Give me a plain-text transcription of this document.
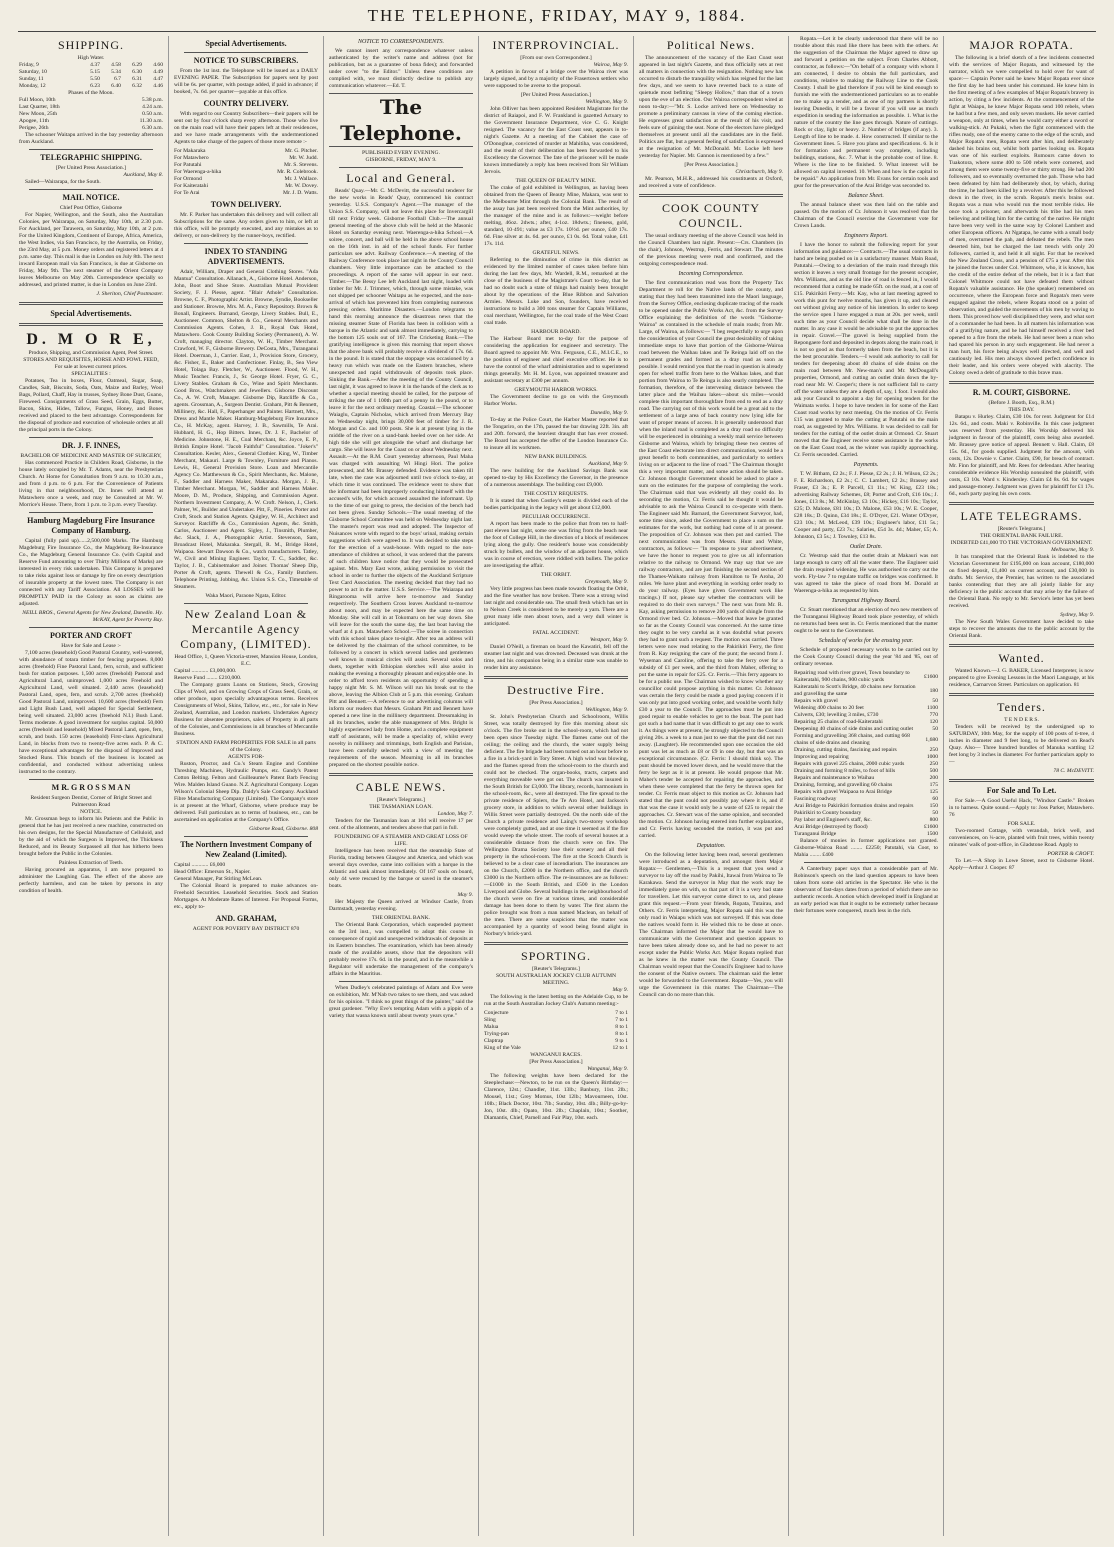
THE TELEPHONE, FRIDAY, MAY 9, 1884.
SHIPPING.
High Water.
Friday, 9	4.37	4.58	6.29	4.60
Saturday, 10	5.15	5.34	6.30	4.49
Sunday, 11	5.50	6.7	6.31	4.47
Monday, 12	6.23	6.40	6.32	4.46
Phases of the Moon.
Full Moon, 10th	5.38 p.m.
Last Quarter, 18th	4.24 a.m.
New Moon, 25th	0.50 a.m.
Apogee, 11th	11.30 a.m.
Perigee, 26th	6.30 a.m.

The schooner Waitapu arrived in the bay yesterday afternoon from Auckland.

TELEGRAPHIC SHIPPING.
[Per United Press Association.]
Auckland, May 8.

Sailed—Wairarapa, for the South.

MAIL NOTICE.
Chief Post Office, Gisborne

For Napier, Wellington, and the South, also the Australian Colonies, per Wairarapa, on Saturday, May 10th, at 2.30 p.m. For Auckland, per Tarawera, on Saturday, May 10th, at 2 p.m. For the United Kingdom, Continent of Europe, Africa, America, the West Indies, via San Francisco, by the Australia, on Friday, the 23rd May, at 5 p.m. Money orders and registered letters at 4 p.m. same day. This mail is due in London on July 8th. The next inward European mail via San Francisco, is due at Gisborne on Friday, May 9th. The next steamer of the Orient Company leaves Melbourne on May 20th. Correspondence specially so addressed, and printed matter, is due in London on June 23rd.

J. Sheriton, Chief Postmaster.
Special Advertisements.
D. M O R E,
Produce, Shipping, and Commission Agent, Peel Street.
STORES AND REQUISITES, HORSE AND FOWL FEED,
For sale at lowest current prices.
SPECIALITIES :

Potatoes, Tea in boxes, Flour, Oatmeal, Sugar, Soap, Candles, Salt, Biscuits, Soda, Oats, Maize and Barley, Wool Bags, Pollard, Chaff, Hay in trusses, Sydney Bone Dust, Guano, Fireweed. Consignments of Grass Seed, Grain, Eggs, Butter, Bacon, Skins, Hides, Tallow, Fungus, Honey, and Bones received and placed to the best advantage. Correspondents for the disposal of produce and execution of wholesale orders at all the principal ports in the Colony.

DR. J. F. INNES,
BACHELOR OF MEDICINE AND MASTER OF SURGERY,

Has commenced Practice in Childers Road, Gisborne, in the house lately occupied by Mr. T. Adams, near the Presbyterian Church. At Home for Consultation from 9 a.m. to 10.30 a.m., and from 4 p.m. to 6 p.m. For the Convenience of Patients living in that neighbourhood, Dr. Innes will attend at Matawhero once a week, and may be Consulted at Mr. W. Morrice's House. There, from 1 p.m. to 3 p.m. every Tuesday.

Hamburg Magdeburg Fire Insurance Company of Hamburg.

Capital (fully paid up)......2,500,000 Marks. The Hamburg Magdeburg Fire Insurance Co., the Magdeburg Re-Insurance Co., the Magdeburg General Insurance Co. (with Capital and Reserve Fund amounting to over Thirty Millions of Marks) are interested in every risk undertaken. This Company is prepared to take risks against loss or damage by fire on every description of insurable property at the lowest rates. The Company is not connected with any Tariff Association. All LOSSES will be PROMPTLY PAID in the Colony as soon as claims are adjusted.

NEILL BROS., General Agents for New Zealand, Dunedin. Hy. McKAY, Agent for Poverty Bay.
PORTER AND CROFT
Have for Sale and Lease :-

7,100 acres (leasehold) Good Pastoral Country, well-watered, with abundance of totara timber for fencing purposes. 8,000 acres (freehold) Fine Pastoral Land, fern, scrub, and sufficient bush for station purposes. 1,500 acres (freehold) Pastoral and Agricultural Land, unimproved. 1,000 acres Freehold and Agricultural Land, well situated. 2,440 acres (leasehold) Pastoral Land, open, fern, and scrub. 2,700 acres (freehold) Good Pastoral Land, unimproved. 10,600 acres (freehold) Fern and Light Bush Land, well adapted for Special Settlement, being well situated. 23,000 acres (freehold N.I.) Bush Land. Terms moderate. A good investment for surplus capital. 50,000 acres (freehold and leasehold) Mixed Pastoral Land, open, fern, scrub, and bush. 150 acres (leasehold) First-class Agricultural Land, in blocks from two to twenty-five acres each. P. & C. have exceptional advantages for the disposal of Improved and Stocked Runs. This branch of the business is located as confidential, and conducted without advertising unless instructed to the contrary.

M R. G R O S S M A N
Resident Surgeon Dentist, Corner of Bright Street and Palmerston Road
NOTICE.

Mr. Grossman begs to inform his Patients and the Public in general that he has just received a new machine, constructed on his own designs, for the Special Manufacture of Celluloid, and by the aid of which the Surgeon is Improved, the Thickness Reduced, and its Beauty Surpassed all that has hitherto been brought before the Public in the Colonies.

Painless Extraction of Teeth.

Having procured an apparatus, I am now prepared to administer the Laughing Gas. The effect of the above are perfectly harmless, and can be taken by persons in any condition of health.

Special Advertisements.
NOTICE TO SUBSCRIBERS.

From the 1st inst. the Telephone will be issued as a DAILY EVENING PAPER. The Subscription for papers sent by post will be 6s. per quarter, with postage added, if paid in advance; if booked, 7s. 6d. per quarter—payable at this office.

COUNTRY DELIVERY.

With regard to our Country Subscribers—their papers will be sent out by four o'clock sharp every afternoon. Those who live on the main road will have their papers left at their residences, and we have made arrangements with the undermentioned Agents to take charge of the papers of those more remote :-

For Makaraka	Mr. G. Pitcher.
For Matawhero	Mr. W. Judd.
For Patutahi	Mr. S. Stevens.
For Waerenga-a-hika	Mr. R. Colebrook.
For Ormond	Mr. J. Wallace.
For Kaiteratahi	Mr. W. Dovey.
For Te Arai	Mr. J. D. Watts.
TOWN DELIVERY.

Mr. F. Parker has undertaken this delivery and will collect all Subscriptions for the same. Any orders given to him, or left at this office, will be promptly executed, and any mistakes as to delivery, or non-delivery by the runner-boys, rectified.

INDEX TO STANDING ADVERTISEMENTS.

Adair, William, Draper and General Clothing Stores. "Ada Mantua" Consultation. Allanach, A., Gisborne Hotel. Anderson, John, Boot and Shoe Store. Australian Mutual Provident Society, F. J. Piesse, agent. "Blair Athole" Consultation. Browne, C. F., Photographic Artist. Browne, Syndie, Bookseller and Stationer. Browne, Mrs. M. A., Fancy Repository. Brown & Bonall, Engineers. Burnand, George, Livery Stables. Bull, E., Auctioneer. Common, Shelton & Co., General Merchants and Commission Agents. Cohen, J. B., Royal Oak Hotel, Matawhero. Cook County Building Society (Permanent), A. W. Croft, managing director. Clayton, W. H., Timber Merchant. Crawford, W. F., Gisborne Brewery. DeCosta, Mrs., Turanganui Hotel. Doerman, J., Carrier. East, J., Provision Store, Grocery, &c. Fisher, E., Baker and Confectioner. Finlay, B., Sea View Hotel, Tolaga Bay. Fletcher, W., Auctioneer. Flood, W. H., Music Teacher. Francis, J., Sr. George Hotel. Fryer, G. C., Livery Stables. Graham & Co., Wine and Spirit Merchants. Good Bros., Watchmakers and Jewellers. Gisborne Discount Co., A. W. Croft, Manager. Gisborne Dip, Ratcliffe & Co., agents. Grossman, A., Surgeon Dentist. Graham, Pitt & Bennett, Millinery, &c. Hall, F., Paperhanger and Painter. Hartnett, Mrs., Dress and Mantle Maker. Hamburg-Magdeburg Fire Insurance Co., H. McKay, agent. Harvey, J. B., Sawmills, Te Arai. Hubbard, H. G., Hop Bitters. Innes, Dr. J. F., Bachelor of Medicine. Johnstone, H. E., Coal Merchant, &c. Joyce, E. P., British Empire Hotel. "Jacob Faithful" Consultation. "Joker's" Consultation. Kesler, Alex., General Clothier. King, W., Timber Merchant, Makauri. Large & Townley, Furniture and Pianos. Lewis, H., General Provision Store. Loan and Mercantile Agency Co. Matthewson & Co., Spirit Merchants, &c. Malone, F., Saddler and Harness Maker, Makaraka. Morgan, J. B., Timber Merchant. Morgan, W., Saddler and Harness Maker. Moore, D. M., Produce, Shipping, and Commission Agent. Northern Investment Company, A. W. Croft. Nelson, J., Clerk. Palmer, W., Builder and Undertaker. Pitt, F., Pineries. Porter and Croft, Stock and Station Agents. Quigley, W. H., Architect and Surveyor. Ratcliffe & Co., Commission Agents, &c. Smith, Carlos, Auctioneer and Agent. Sigley, J., Tinsmith, Plumber, &c. Slack, J. A., Photographic Artist. Stevenson, Sam, Broadcast Hotel, Makaraka. Stergall, R. M., Bridge Hotel, Waipaoa. Stewart Dawson & Co., watch manufacturers. Tatley, W., Civil and Mining Engineer. Taylor, T. C., Saddler, &c. Taylor, J. B., Cabinetmaker and Joiner. Thomas' Sheep Dip, Porter & Croft, agents. Thewell & Co., Family Butchers. Telephone Printing, Jobbing, &c. Union S.S. Co., Timetable of Steamers.

Waka Maori, Paraone Ngata, Editor.
New Zealand Loan & Mercantile Agency Company, (LIMITED).
Head Office, 1, Queen Victoria-street, Mansion House, London, E.C.
Capital ............ £3,000,000.
Reserve Fund ........ £210,000.

The Company grants Loans on Stations, Stock, Growing Clips of Wool, and on Growing Crops of Grass Seed, Grain, or other produce, upon specially advantageous terms. Receives Consignments of Wool, Skins, Tallow, etc., etc., for sale in New Zealand, Australian, and London markets. Undertakes Agency Business for absentee proprietors, sales of Property in all parts of the Colonies, and Commissions in all branches of Mercantile Business.

STATION AND FARM PROPERTIES FOR SALE in all parts of the Colony.
AGENTS FOR-

Ruston, Proctor, and Co.'s Steam Engine and Combine Threshing Machines, Hydraulic Pumps, etc. Gandy's Patent Cotton Belting. Felton and Guilleaume's Patent Barb Fencing Wire. Malden Island Guano. N.Z. Agricultural Company. Logan Wilson's Colonial Sheep Dip. Daldy's Sale Company. Auckland Fibre Manufacturing Company (Limited). The Company's store is at present at the Wharf, Gisborne, where produce may be delivered. Full particulars as to terms of business, etc., can be ascertained on application at the Company's Office.

Gisborne Road, Gisborne. 808
The Northern Investment Company of New Zealand (Limited).
Capital ............ £6,000
Head Office: Emerson St., Napier.
General Manager, Pat Stirling McLean.

The Colonial Board is prepared to make advances on- Freehold Securities. Leasehold Securities. Stock and Station Mortgages. At Moderate Rates of Interest. For Proposal Forms, etc., apply to-

AND. GRAHAM,
AGENT FOR POVERTY BAY DISTRICT 870
NOTICE TO CORRESPONDENTS.

We cannot insert any correspondence whatever unless authenticated by the writer's name and address (not for publication, but as a guarantee of bona fides); and forwarded under cover "to the Editor." Unless these conditions are complied with, we must distinctly decline to publish any communication whatever.—Ed. T.

The Telephone.
PUBLISHED EVERY EVENING.
GISBORNE, FRIDAY, MAY 9.
Local and General.

Reads' Quay.—Mr. C. McDevitt, the successful tenderer for the new works in Reads' Quay, commenced his contract yesterday. U.S.S. Company's Agent.—The manager of the Union S.S. Company, will not leave this place for Invercargill till next Friday week. Gisborne Football Club.—The annual general meeting of the above club will be held at the Masonic Hotel on Saturday evening next. Waerenga-a-hika School.—A soiree, concert, and ball will be held in the above school house on the 16th inst. in aid of the school funds. For further particulars see advt. Railway Conference.—A meeting of the Railway Conference took place last night in the County Council chambers. Very little importance can be attached to the proceedings. A report of the same will appear in our next. Timber.—The Bessy Lee left Auckland last night, loaded with timber for Mr. J. Trimmer, which, through some mistake, was not shipped per schooner Waitapu as he expected, and the non-arrival of which has prevented him from completing numerous pressing orders. Maritime Disasters.—London telegrams to hand this morning announce the disastrous news that the missing steamer State of Florida has been in collision with a barque in the Atlantic and sank almost immediately, carrying to the bottom 125 souls out of 167. The Cricketing Bank.—The gratifying intelligence is given this morning that report shows that the above bank will probably receive a dividend of 17s. 6d. in the pound. It is stated that the stoppage was occasioned by a heavy run which was made on the Eastern branches, where unexpected and rapid withdrawals of deposits took place. Sinking the Bank.—After the meeting of the County Council, last night, it was agreed to leave it in the hands of the clerk as to whether a special meeting should be called, for the purpose of striking the rate of 1 100th part of a penny in the pound, or to leave it for the next ordinary meeting. Coastal.—The schooner Waiaglu, Captain Nicholas, which arrived from Mercury Bay on Wednesday night, brings 30,000 feet of timber for J. R. Morgan and Co. and 100 posts. She is at present lying in the middle of the river on a sand-bank heeled over on her side. At high tide she will get alongside the wharf and discharge her cargo. She will leave for the Coast on or about Wednesday next. Assault.—At the R.M. Court yesterday afternoon, Paul Maha was charged with assaulting Wi Hingi Hori. The police prosecuted, and Mr. Brassey defended. Evidence was taken till late, when the case was adjourned until two o'clock to-day, at which time it was continued. The evidence went to show that the informant had been improperly conducting himself with the accused's wife, for which accused assaulted the informant. Up to the time of our going to press, the decision of the bench had not been given. Sunday Schools.—The usual meeting of the Gisborne School Committee was held on Wednesday night last. The master's report was read and adopted. The Inspector of Nuisances wrote with regard to the boys' urinal, making certain suggestions which were agreed to. It was decided to take steps for the erection of a wash-house. With regard to the non-attendance of children at school, it was ordered that the parents of such children have notice that they would be prosecuted against. Mrs. Mary East wrote, asking permission to visit the school in order to further the objects of the Auckland Scripture Text Card Association. The meeting decided that they had no power to act in the matter. U.S.S. Service.—The Waiarapa and Ringarooma will arrive here to-morrow and Sunday respectively. The Southern Cross leaves Auckland to-morrow about noon, and may be expected here the same time on Monday. She will call in at Tokomaru on her way down. She will leave for the south the same day, the last boat having the wharf at 4 p.m. Matawhero School.—The soiree in connection with this school takes place to-night. After tea an address will be delivered by the chairman of the school committee, to be followed by a concert in which several ladies and gentlemen well known in musical circles will assist. Several solos and duets, together with Ethiopian sketches will also assist in making the evening a thoroughly pleasant and enjoyable one. In order to afford town residents an opportunity of spending a happy night Mr. S. M. Wilson will run his break out to the above, leaving the Albion Club at 5 p.m. this evening. Graham Pitt and Bennett.—A reference to our advertising columns will inform our readers that Messrs. Graham Pitt and Bennett have opened a new line in the millinery department. Dressmaking in all its branches, under the able management of Mrs. Bright is highly experienced lady from Home, and a complete equipment staff of assistants, will be made a speciality of, whilst every novelty in millinery and trimmings, both English and Parisian, have been carefully selected with a view of meeting the requirements of the season. Mourning in all its branches prepared on the shortest possible notice.

CABLE NEWS.
[Reuter's Telegrams.]
THE TASMANIAN LOAN.
London, May 7.

Tenders for the Tasmanian loan at 104 will receive 17 per cent. of the allotments, and tenders above that pari in full.

FOUNDERING OF A STEAMER AND GREAT LOSS OF LIFE.

Intelligence has been received that the steamship State of Florida, trading between Glasgow and America, and which was several days overdue, came into collision with a barque in the Atlantic and sank almost immediately. Of 167 souls on board, only 44 were rescued by the barque or saved in the steamer's boats.

May 9.

Her Majesty the Queen arrived at Windsor Castle, from Darmstadt, yesterday evening.

THE ORIENTAL BANK.

The Oriental Bank Corporation, which suspended payment on the 3rd inst., was compelled to adopt this course in consequence of rapid and unexpected withdrawals of deposits at its Eastern branches. The examination, which has been already made of the available assets, show that the depositors will probably receive 17s. 6d. in the pound, and in the meanwhile a Regulator will undertake the management of the company's affairs in the Mauritius.

When Dudley's celebrated paintings of Adam and Eve were on exhibition, Mr. M'Nab two takes to see them, and was asked for his opinion. "I think no great things of the painter," said the great gardener. "Why Eve's tempting Adam with a pippin of a variety that wasna known until about twenty years syne."

INTERPROVINCIAL.
[From our own Correspondent.]
Wairoa, May 9.

A petition in favour of a bridge over the Wairoa river was largely signed, and by a majority of the Frasertown settlers who were supposed to be averse to the proposal.

[Per United Press Association.]
Wellington, May 9.

John Olliver has been appointed Resident Magistrate for the district of Raiapoi, and F. W. Frankland is gazetted Actuary to the Government Insurance Department, vice C. G. Knight resigned. The vacancy for the East Coast seat, appears in to-night's Gazette. At a meeting of the Cabinet the case of O'Donoghue, convicted of murder at Mahitiha, was considered, and the result of their deliberation has been forwarded to his Excellency the Governor. The fate of the prisoner will be made known immediately a reply has been received from Sir William Jervois.

THE QUEEN OF BEAUTY MINE.

The crake of gold exhibited in Wellington, as having been obtained from the Queen of Beauty Mine, Makara, was sent to the Melbourne Mint through the Colonial Bank. The result of the assay has just been received from the Mint authorities, by the manager of the mine and is as follows:—weight before melting, 46oz. 2dwts.; after, 4-1oz. 18dwts.; fineness, gold, standard, 10·491; value as £3 17s. 10½d. per ounce, £40 17s. 6d. Fine silver at 4s. 6d. per ounce, £1 0s. 6d. Total value, £41 17s. 11d.

GRATEFUL NEWS.

Referring to the diminution of crime in this district as evidenced by the limited number of cases taken before him during the last few days, Mr. Wardell, R.M., remarked at the close of the business of the Magistrate's Court to-day, that he had no doubt such a state of things had mainly been brought about by the operations of the Blue Ribbon and Salvation Armies. Messrs. Luke and Son, founders, have received instructions to build a 300 tons steamer for Captain Williams, coal merchant, Wellington, for the coal trade of the West Coast coal trade.

HARBOUR BOARD.

The Harbour Board met to-day for the purpose of considering the application for engineer and secretary. The Board agreed to appoint Mr. Wm. Ferguson, C.E., M.I.C.E., to the position of engineer and chief executive officer. He is to have the control of the wharf administration and to superintend things generally. Mr. H. M. Lyon, was appointed treasurer and assistant secretary at £300 per annum.

GREYMOUTH HARBOR WORKS.

The Government decline to go on with the Greymouth Harbor Works.

Dunedin, May 9.

To-day at the Police Court, the Harbor Master reported that the Tongariro, on the 17th, passed the bar drawing 22ft. 3in. aft and 20ft. forward, the heaviest draught that has ever crossed. The Board has accepted the offer of the London Insurance Co. to insure all its workmen.

NEW BANK BUILDINGS.
Auckland, May 9.

The new building for the Auckland Savings Bank was opened to-day by His Excellency the Governor, in the presence of a numerous assemblage. The building cost £9,000.

THE COSTLY REQUESTS.

It is stated that when Costley's estate is divided each of the bodies participating in the legacy will get about £12,000.

PECULIAR OCCURRENCE.

A report has been made to the police that from ten to half-past eleven last night, some one was firing from the beach near the foot of College Hill, in the direction of a block of residences lying along the gully. One resident's house was considerably struck by bullets, and the window of an adjacent house, which was in course of erection, were riddled with bullets. The police are investigating the affair.

THE ORBIT.
Greymouth, May 9.

Very little progress has been made towards floating the Orbit, and the fine weather has now broken. There was a strong wind last night and considerable sea. The small fresh which has set in to Nelson Creek is considered to be merely a yarn. There are a great many idle men about town, and a very dull winter is anticipated.

FATAL ACCIDENT.
Westport, May 9.

Daniel O'Neill, a fireman on board the Kawatiri, fell off the steamer last night and was drowned. Deceased was drunk at the time, and his companion being in a similar state was unable to render him any assistance.

Destructive Fire.
[Per Press Association.]
Wellington, May 9.

St. John's Presbyterian Church and Schoolroom, Willis Street, was totally destroyed by fire this morning about six o'clock. The fire broke out in the school-room, which had not been open since Tuesday night. The flames came out of the ceiling; the ceiling and the church, the water supply being deficient. The fire brigade had been turned out an hour before to a fire in a brick-yard in Tory Street. A high wind was blowing, and the flames spread from the school-room to the church and could not be checked. The organ-books, tracts, carpets and everything moveable were got out. The church was insured in the South British for £3,000. The library, records, harmonium in the school-room, &c., were all destroyed. The fire spread to the private residence of Spiers, the Te Aro Hotel, and Jackson's grocery store, in addition to which several other buildings in Willis Street were partially destroyed. On the north side of the Church a private residence and Laing's two-storey workshop were completely gutted, and at one time it seemed as if the fire would sweep the whole street. The roofs of several houses at a considerable distance from the church were on fire. The Wellington Drama Society lose their scenery and all their property in the school-room. The fire at the Scotch Church is believed to be a clear case of incendiarism. The insurances are on the Church, £2000 in the Northern office, and the church £3000 in the Northern office. The re-insurances are as follows:—£1000 in the South British, and £500 in the London Liverpool and Globe. Several buildings in the neighbourhood of the church were on fire at various times, and considerable damage has been done to them by water. The first alarm the police brought was from a man named Maclean, on behalf of the men. There are some suspicions that the matter was accompanied by a quantity of wood being found alight in Norbury's brick-yard.

SPORTING.
[Reuter's Telegrams.]
SOUTH AUSTRALIAN JOCKEY CLUB AUTUMN MEETING.
May 9.

The following is the latest betting on the Adelaide Cup, to be run at the South Australian Jockey Club's Autumn meeting:-

Conjecture	7 to 1
Sling	7 to 1
Malua	8 to 1
Trying-pan	8 to 1
Claptrap	9 to 1
King of the Vale	12 to 1
WANGANUI RACES.
[Per Press Association.]
Wanganui, May 9.

The following weights have been declared for the Steeplechase:—Newton, to be run on the Queen's Birthday:—Clarence, 12st.; Chandler, 11st. 13lb.; Banbury, 11st. 2lb.; Mousel, 11st.; Grey Momus, 10st 12lb.; Mavourneen, 10st. 10lb.; Black Doctor, 10st. 7lb.; Sunday, 10st. 4lb.; Billy-go-by-Jon, 10st. 4lb.; Opato, 10st. 2lb.; Chaplain, 10st.; Soother, Diamantis, Chief, Parnell and Fair Play, 10st. each.

Political News.

The announcement of the vacancy of the East Coast seat appeared in last night's Gazette, and thus officially sets at rest all matters in connection with the resignation. Nothing new has occurred to disturb the tranquility which has reigned for the last few days, and we seem to have reverted back to a state of quietude most befitting "Sleepy Hollow," than that of a town upon the eve of an election. Our Wairoa correspondent wired at noon to-day:—"Mr. S. Locke arrived here on Wednesday to promote a preliminary canvass in view of the coming election. He expresses great satisfaction at the result of his visit, and feels sure of gaining the seat. None of the electors have pledged themselves at present until all the candidates are in the field. Politics are flat, but a general feeling of satisfaction is expressed at the resignation of Mr. McDonald. Mr. Locke left here yesterday for Napier. Mr. Gannon is mentioned by a few."

[Per Press Association.]
Christchurch, May 9.

Mr. Pearson, M.H.R., addressed his constituents at Oxford, and received a vote of confidence.

COOK COUNTY COUNCIL.

The usual ordinary meeting of the above Council was held in the Council Chambers last night. Present:—Crs. Chambers (in the chair), Johnson, Westrup, Ferris, and Stewart. The minutes of the previous meeting were read and confirmed, and the outgoing correspondence read.

Incoming Correspondence.

The first communication read was from the Property Tax Department re roll for the Native lands of the county, and stating that they had been transmitted into the Maori language, from the Survey Office, enclosing duplicate tracing of the roads to be opened under the Public Works Act, &c. from the Survey Office explaining the definition of the words "Gisborne-Wairoa" as contained in the schedule of main roads; from Mr. Large, of Wairoa, as follows:— "I beg respectfully to urge upon the consideration of your Council the great desirability of taking immediate steps to have that portion of the Gisborne-Wairoa road between the Waihau lakes and Te Reinga laid off on the permanent grades and formed as a dray road as soon as possible. I would remind you that the road in question is already open for wheel traffic from here to the Waihau lakes, and that portion from Wairoa to Te Reinga is also nearly completed. The formation, therefore, of the intervening distance between the latter place and the Waihau lakes—about six miles—would complete this important thoroughfare from end to end as a dray road. The carrying out of this work would be a great aid to the settlement of a large area of back country now lying idle for want of proper means of access. It is generally understood that when the inland road is completed as a dray road no difficulty will be experienced in obtaining a weekly mail service between Gisborne and Wairoa, which by bringing these two centres of the East Coast electorate into direct communication, would be a great benefit to both communities, and particularly to settlers living on or adjacent to the line of road." The Chairman thought this a very important matter, and some action should be taken. Cr. Johnson thought Government should be asked to place a sum on the estimates for the purpose of completing the work. The Chairman said that was evidently all they could do. In seconding the motion, Cr. Ferris said he thought it would be advisable to ask the Wairoa Council to co-operate with them. The Engineer said Mr. Barnard, the Government Surveyor, had, some time since, asked the Government to place a sum on the estimates for the work, but nothing had come of it at present. The proposition of Cr. Johnson was then put and carried. The next communication was from Messrs. Hunt and White, contractors, as follows:— "In response to your advertisement, we have the honor to request you to give us all information relative to the railway to Ormond. We may say that we are railway contractors, and are just finishing the second section of the Thames-Waikato railway from Hamilton to Te Aroha, 20 miles. We have plant and everything in working order ready to do your railway. (Eyes have given Government work like tracings.) If not, please say whether the contractors will be required to do their own surveys." The next was from Mr. R. Kay, asking permission to remove 200 yards of shingle from the Ormond river bed. Cr. Johnson.—Moved that leave be granted so far as the County Council was concerned. At the same time they ought to be very careful as it was doubtful what powers they had to grant such a request. The motion was carried. Three letters were now read relating to the Pakirikiri Ferry, the first from R. Kay resigning the care of the punt; the second from J. Wyseman and Caroline, offering to take the ferry over for a subsidy of £1 per week, and the third from Maher, offering to put the same in repair for £25. Cr. Ferris.—This ferry appears to be for a public use. The Chairman wished to know whether any councillor could propose anything in this matter. Cr. Johnson was certain the ferry could be made a good paying concern if it was only put into good working order, and would be worth fully £30 a year to the Council. The approaches must be put into good repair to enable vehicles to get to the boat. The punt had got such a bad name that it was difficult to get any one to work it. As things were at present, he strongly objected to the Council giving 20s. a week to a man just to see that the punt did not run away. (Laughter). He recommended upon one occasion the old punt was let as much as £8 or £9 in one day, but that was an exceptional circumstance. (Cr. Ferris: I should think so). The punt should be moved lower down, and he would move that the ferry be kept as it is at present. He would propose that Mr. Maher's tender be accepted for repairing the approaches, and when these were completed that the ferry be thrown open for tender. Cr. Ferris must object to this motion as Cr. Johnson had stated that the punt could not possibly pay where it is, and if that was the case it would only be a waste of £25 to repair the approaches. Cr. Stewart was of the same opinion, and seconded the motion. Cr. Johnson having entered into further explanation, and Cr. Ferris having seconded the motion, it was put and carried.

Deputation.

On the following letter having been read, several gentlemen were introduced as a deputation, and amongst them Major Ropata:— Gentlemen,—This is a request that you send a surveyor to lay off the road by Pakihi, Itawai from Wairoa to Te Karakawa. Send the surveyor in May that the work may be immediately gone on with, so that part of it is a very bad state for travellers. Let this surveyor come direct to us, and please grant this request.—From your friends, Ropata, Tutairau, and Others. Cr. Ferris interpreting, Major Ropata said this was the only road in Waiapu which was not surveyed. If this was done the natives would form it. He wished this to be done at once. The Chairman informed the Major that he would have to communicate with the Government and question appears to have been taken already done so, and he had no power to act except under the Public Works Act. Major Ropata replied that as he knew in the matter was the County Council. The Chairman would repeat that the Council's Engineer had to have the consent of the Native owners. The chairman said the letter would be forwarded to the Government. Ropata—Yes, you will urge the Government in this matter. The Chairman—The Council can do no more than this.

Ropata.—Let it be clearly understood that there will be no trouble about this road like there has been with the others. At the suggestion of the Chairman the Major agreed to draw up and forward a petition on the subject. From Charles Abbott, contractor, as follows:—"On behalf of a company with whom I am connected, I desire to obtain the full particulars, and conditions, relative to making the Railway Line to the Cook County. I shall be glad therefore if you will be kind enough to furnish me with the undermentioned particulars so as to enable me to make up a tender, and as one of my partners is shortly leaving Dunedin, it will be a favour if you will use as much expedition in sending the information as possible. 1. What is the nature of the country the line goes through. Nature of cuttings. Rock or clay, light or heavy. 2. Number of bridges (if any). 3. Length of line to be made. 4. How constructed. If similar to the Government lines. 5. Have you plans and specifications. 6. Is it for formation and permanent way complete, including buildings, stations, &c. 7. What is the probable cost of line. 8. Where is the line to be finished. 9. What interest will be allowed on capital invested. 10. When and how is the capital to be repaid." An application from Mr. Evans for certain tools and gear for the preservation of the Arai Bridge was seconded to.

Balance Sheet.

The annual balance sheet was then laid on the table and passed. On the motion of Cr. Johnson it was resolved that the Chairman of the Council exercise the Government vote for Crown Lands.

Engineers Report.

I have the honor to submit the following report for your information and guidance:— Contracts.—The usual contracts in hand are being pushed on in a satisfactory manner. Main Road, Patutahi.—Owing to a deviation of the main road through this section it leaves a very small frontage for the present occupier, Mrs. Williams, and as the old line of road is fenced in, I would recommend that a cutting be made 65ft. on the road, at a cost of £15. Pakirikiri Ferry.—Mr. Kay, who at last meeting agreed to work this punt for twelve months, has given it up, and cleared out without giving any notice of his intention. In order to keep the service open I have engaged a man at 20s. per week, until such time as your Council decide what shall be done in the matter. In any case it would be advisable to put the approaches in repair. Gravel.—The gravel is being supplied from the Repongaere ford and deposited in depots along the main road, it is not so good as that formerly taken from the beach, but it is the best procurable. Tenders.—I would ask authority to call for tenders for deepening about 40 chains of side drains on the main road between Mr. New-man's and Mr. McDougall's properties, Ormond, and cutting an outlet drain down the by-road near Mr. W. Cooper's; there is not sufficient fall to carry off the water unless they are a depth of, say, 1 foot. I would also ask your Council to appoint a day for opening tenders for the Waimata works. I hope to have tenders in for some of the East Coast road works by next meeting. On the motion of Cr. Ferris £15 was granted to make the cutting at Patutahi on the main road, as suggested by Mrs. Williams. It was decided to call for tenders for the cutting of the outlet drain at Ormond. Cr. Stuart moved that the Engineer receive some assistance in the works on the East Coast road, as the winter was rapidly approaching. Cr. Ferris seconded. Carried.

Payments.

T. W. Bitham, £2 2s.; F. J. Piesse, £2 2s.; J. H. Wilson, £2 2s.; F. E. Richardson, £2 2s.; C. C. Lambert, £2 2s.; Brassey and Fraser, £3 3s.; E. P. Parcell, £1 11s.; W. King, £23 18s.; advertising Railway Schemes, £8; Porter and Croft, £16 10s.; J. Jones, £13 8s.; M. McKinlay, £3 10s.; Hickey, £16 10s.; Taylor, £25; D. Malone, £81 10s.; D. Malone, £53 10s.; W. E. Cooper, £28 18s.; D. Quinn, £34 18s.; E. O'Dryer, £21. Winter O'Dryer, £23 10s.; M. McLeod, £39 10s.; Engineer's labor, £11 5s.; Cooper and party, £23 7s.; Salaries, £54 3s. 4d.; Maher, £5; A. Johnston, £3 5s.; J. Townley, £13 8s.

Outlet Drain.

Cr. Westrup said that the outlet drain at Makauri was not large enough to carry off all the water there. The Engineer said the drain required widening. He was authorised to carry out the work. Fly-law 7 to regulate traffic on bridges was confirmed. It was agreed to take the piece of road from M. Donald at Waerenga-a-hika as requested by him.

Turanganui Highway Board.

Cr. Stuart mentioned that an election of two new members of the Turanganui Highway Board took place yesterday, of which no returns had been sent in. Cr. Ferris mentioned that the matter ought to be sent to the Government.

Schedule of works for the ensuing year.

Schedule of proposed necessary works to be carried out by the Cook County Council during the year '84 and '85, out of ordinary revenue.

Repairing road with river gravel, Town boundary to Kaiteratahi, 900 chains, 900 cubic yards	£1600
Kaiteratahi to Scott's Bridge, 40 chains new formation and gravelling the same	180
Repairs with gravel	50
Widening 400 chains to 20 feet	1100
Culverts, £30; levelling 3 miles, £730	770
Repairing 25 chains of road-Kaiteratahi	120
Deepening 40 chains of side drains and cutting outlet	50
Forming and gravelling 368 chains, and cutting 668 chains of side drains and cleaning	1,680
Draining, cutting drains, fascining and repairs	250
Improving and repairing	1000
Repairs with gravel 225 chains, 2000 cubic yards	250
Draining and forming 8 miles, to foot of hills	500
Repairs and maintenance to Waihau	200
Draining, forming, and gravelling 60 chains	175
Repairs with gravel Waipaoa to Arai Bridge	125
Fascining roadway	60
Arai Bridge to Pakirikiri formation drains and repairs	150
Pakirikiri to County boundary	50
Pay labor and Engineer's staff, &c.	800
Arai Bridge (destroyed by flood)	£1600
Turanganui Bridge	1500

Balance of monies in former applications not granted. Gisborne-Wairoa Road ........ £2250; Patutahi, via Coot, to Mahia ........ £400

A Canterbury paper says that a considerable part of Mr. Robinson's speech on the land question appears to have been taken from some old articles in the Spectator. He who is the observant of fast-days dates from a period of which there are no authentic records. A notion which developed itself in England at an early period was that it ought to be extremely rather because their fortunes were conquered, much less in the rich.

MAJOR ROPATA.

The following is a brief sketch of a few incidents connected with the services of Major Ropata, and witnessed by the narrator, which we were compelled to hold over for want of space:— Captain Porter said he knew Major Ropata ever since the first day he had been under his command. He knew him in the first meeting of a few examples of Major Ropata's bravery in action, by citing a few incidents. At the commencement of the fight at Waiapu, he knew Major Ropata send 100 rebels, when he had but a few men, and only seven muskets. He never carried a weapon, only at times, when he would carry either a sword or walking-stick. At Pukaki, when the fight commenced with the rifles ready, one of the enemy came to the edge of the scrub, and Major Ropata's men, Ropata went after him, and deliberately dashed his brains out, whilst both parties looking on. Ropata was one of his earliest exploits. Rumours came down to Tuakotora, where some 400 to 500 rebels were cornered, and among them were some twenty-five or thirty strong. He had 200 followers, and so eventually overturned the pah. Those who had been defeated by him had deliberately shot, by which, during the time, he had been killed by a revolver. After this he followed down in the river, in the scrub. Ropata's men's brains out. Ropata was a man who would run the most terrible risks. He once took a prisoner, and afterwards his tribe had his men believing and telling him for the cutting of the native. He might have been very well in the same way by Colonel Lambert and other European officers. At Ngatapa, he came with a small body of men, overturned the pah, and defeated the rebels. The men deserted him, but he charged the last trench with only 20 followers, carried it, and held it all night. For that he received the New Zealand Cross, and a pension of £75 a year. After this he joined the forces under Col. Whitmore, who, it is known, has the credit of the entire defeat of the rebels, but it is a fact that Colonel Whitmore could not have defeated them without Ropata's valuable assistance. He (the speaker) remembered on occurrence, where the European force and Ropata's men were engaged against the rebels, where Ropata stood on a point of observation, and guided the movements of his men by waving to them. This proved how well disciplined they were, and what sort of a commander he had been. In all matters his information was of a gratifying nature, and he had himself received a river bed opened to a fire from the rebels. He had never been a man who had spared his person in any such engagement. He had never a man hurt, his force being always well directed, and well and cautiously led. His men always showed perfect confidence in their leader, and his orders were obeyed with alacrity. The Colony owed a debt of gratitude to this brave man.

R. M. COURT, GISBORNE.
(Before J. Booth, Esq., R.M.)
THIS DAY.

Batapu v. Hurley. Claim, £30 10s. for rent. Judgment for £14 12s. 6d., and costs. Maki v. Robinville. In this case judgment was reserved from yesterday. His Worship delivered his judgment in favour of the plaintiff, costs being also awarded. Mr. Brassey gave notice of appeal. Bennett v. Hall. Claim, £8 15s. 6d., for goods supplied. Judgment for the amount, with costs, 12s. Downie v. Carter. Claim, £90, for breach of contract. Mr. Finn for plaintiff, and Mr. Rees for defendant. After hearing considerable evidence His Worship nonsuited the plaintiff, with costs, £3 10s. Ward v. Kindersley. Claim £4 8s. 6d. for wages and passage-money. Judgment was given for plaintiff for £1 17s. 6d., each party paying his own costs.

LATE TELEGRAMS.
[Reuter's Telegrams.]
THE ORIENTAL BANK FAILURE.
INDEBTED £41,000 TO THE VICTORIAN GOVERNMENT.
Melbourne, May 9.

It has transpired that the Oriental Bank is indebted to the Victorian Government for £195,000 on loan account, £180,000 on fixed deposit, £1,400 on current account, and £30,000 in drafts. Mr. Service, the Premier, has written to the associated banks contending that they are all jointly liable for any deficiency in the public account that may arise by the failure of the Oriental Bank. No reply to Mr. Service's letter has yet been received.

Sydney, May 9.

The New South Wales Government have decided to take steps to recover the amounts due to the public account by the Oriental Bank.

Wanted.

Wanted Known.—J. G. BAKER, Licensed Interpreter, is now prepared to give Evening Lessons in the Maori Language, at his residence, Carnarvon Street. Particulars on application. 81

Tenders.
T E N D E R S.

Tenders will be received by the undersigned up to SATURDAY, 10th May, for the supply of 100 posts of ti-tree, 4 inches in diameter and 9 feet long, to be delivered on Read's Quay. Also— Three hundred bundles of Manuka wattling 12 feet long by 3 inches in diameter. For further particulars apply to—

78 C. McDEVITT.
For Sale and To Let.

For Sale.—A Good Useful Hack, "Windsor Castle." Broken in to harness. Quite sound.—Apply to: Joss Parker, Matawhero. 76

FOR SALE.

Two-roomed Cottage, with verandah, brick well, and conveniences, on ¼-acre, planted with fruit trees, within twenty minutes' walk of post-office, in Gladstone Road. Apply to

PORTER & CROFT.

To Let.—A Shop in Lowe Street, next to Gisborne Hotel. Apply—Arthur J. Cooper. 87
